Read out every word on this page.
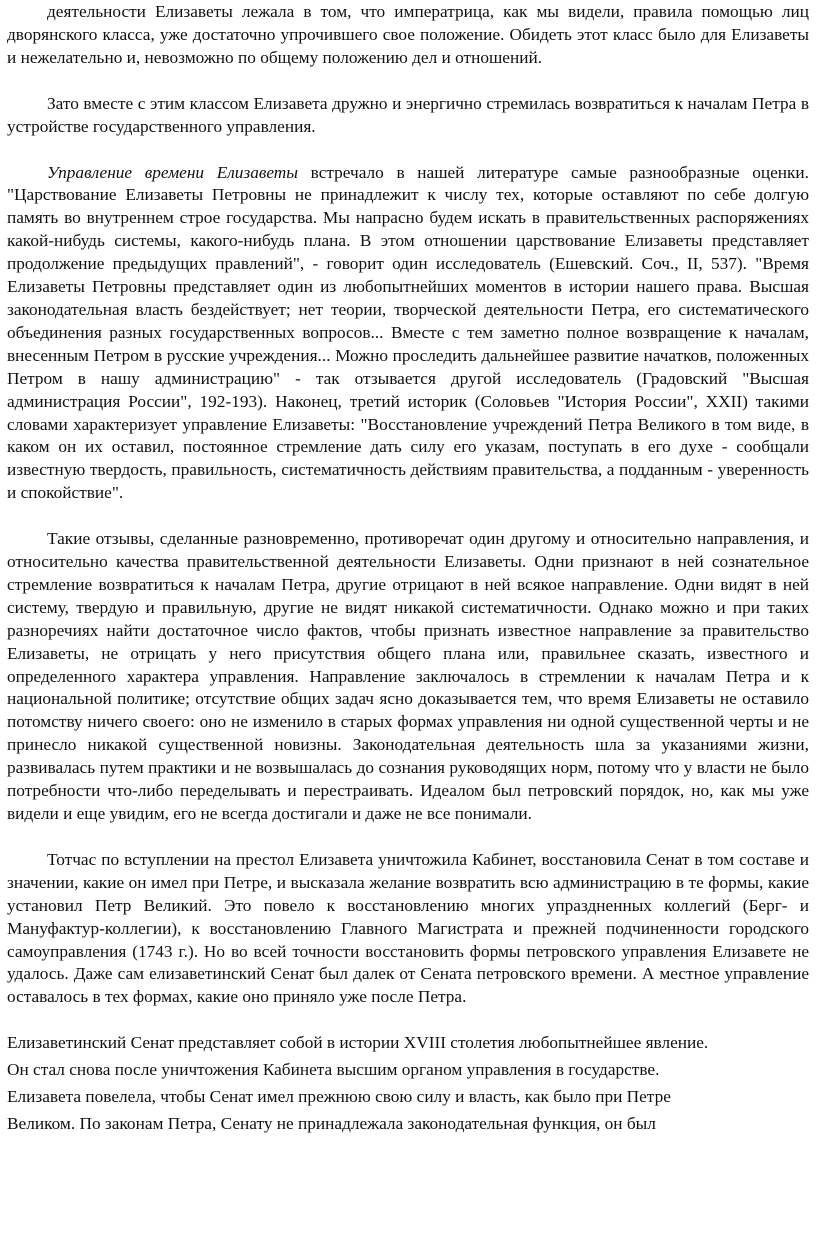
деятельности Елизаветы лежала в том, что императрица, как мы видели, правила помощью лиц дворянского класса, уже достаточно упрочившего свое положение. Обидеть этот класс было для Елизаветы и нежелательно и, невозможно по общему положению дел и отношений.

Зато вместе с этим классом Елизавета дружно и энергично стремилась возвратиться к началам Петра в устройстве государственного управления.

Управление времени Елизаветы встречало в нашей литературе самые разнообразные оценки. "Царствование Елизаветы Петровны не принадлежит к числу тех, которые оставляют по себе долгую память во внутреннем строе государства. Мы напрасно будем искать в правительственных распоряжениях какой-нибудь системы, какого-нибудь плана. В этом отношении царствование Елизаветы представляет продолжение предыдущих правлений", - говорит один исследователь (Ешевский. Соч., II, 537). "Время Елизаветы Петровны представляет один из любопытнейших моментов в истории нашего права. Высшая законодательная власть бездействует; нет теории, творческой деятельности Петра, его систематического объединения разных государственных вопросов... Вместе с тем заметно полное возвращение к началам, внесенным Петром в русские учреждения... Можно проследить дальнейшее развитие начатков, положенных Петром в нашу администрацию" - так отзывается другой исследователь (Градовский "Высшая администрация России", 192-193). Наконец, третий историк (Соловьев "История России", XXII) такими словами характеризует управление Елизаветы: "Восстановление учреждений Петра Великого в том виде, в каком он их оставил, постоянное стремление дать силу его указам, поступать в его духе - сообщали известную твердость, правильность, систематичность действиям правительства, а подданным - уверенность и спокойствие".

Такие отзывы, сделанные разновременно, противоречат один другому и относительно направления, и относительно качества правительственной деятельности Елизаветы. Одни признают в ней сознательное стремление возвратиться к началам Петра, другие отрицают в ней всякое направление. Одни видят в ней систему, твердую и правильную, другие не видят никакой систематичности. Однако можно и при таких разноречиях найти достаточное число фактов, чтобы признать известное направление за правительство Елизаветы, не отрицать у него присутствия общего плана или, правильнее сказать, известного и определенного характера управления. Направление заключалось в стремлении к началам Петра и к национальной политике; отсутствие общих задач ясно доказывается тем, что время Елизаветы не оставило потомству ничего своего: оно не изменило в старых формах управления ни одной существенной черты и не принесло никакой существенной новизны. Законодательная деятельность шла за указаниями жизни, развивалась путем практики и не возвышалась до сознания руководящих норм, потому что у власти не было потребности что-либо переделывать и перестраивать. Идеалом был петровский порядок, но, как мы уже видели и еще увидим, его не всегда достигали и даже не все понимали.

Тотчас по вступлении на престол Елизавета уничтожила Кабинет, восстановила Сенат в том составе и значении, какие он имел при Петре, и высказала желание возвратить всю администрацию в те формы, какие установил Петр Великий. Это повело к восстановлению многих упраздненных коллегий (Берг- и Мануфактур-коллегии), к восстановлению Главного Магистрата и прежней подчиненности городского самоуправления (1743 г.). Но во всей точности восстановить формы петровского управления Елизавете не удалось. Даже сам елизаветинский Сенат был далек от Сената петровского времени. А местное управление оставалось в тех формах, какие оно приняло уже после Петра.

Елизаветинский Сенат представляет собой в истории XVIII столетия любопытнейшее явление.
Он стал снова после уничтожения Кабинета высшим органом управления в государстве.
Елизавета повелела, чтобы Сенат имел прежнюю свою силу и власть, как было при Петре
Великом. По законам Петра, Сенату не принадлежала законодательная функция, он был
